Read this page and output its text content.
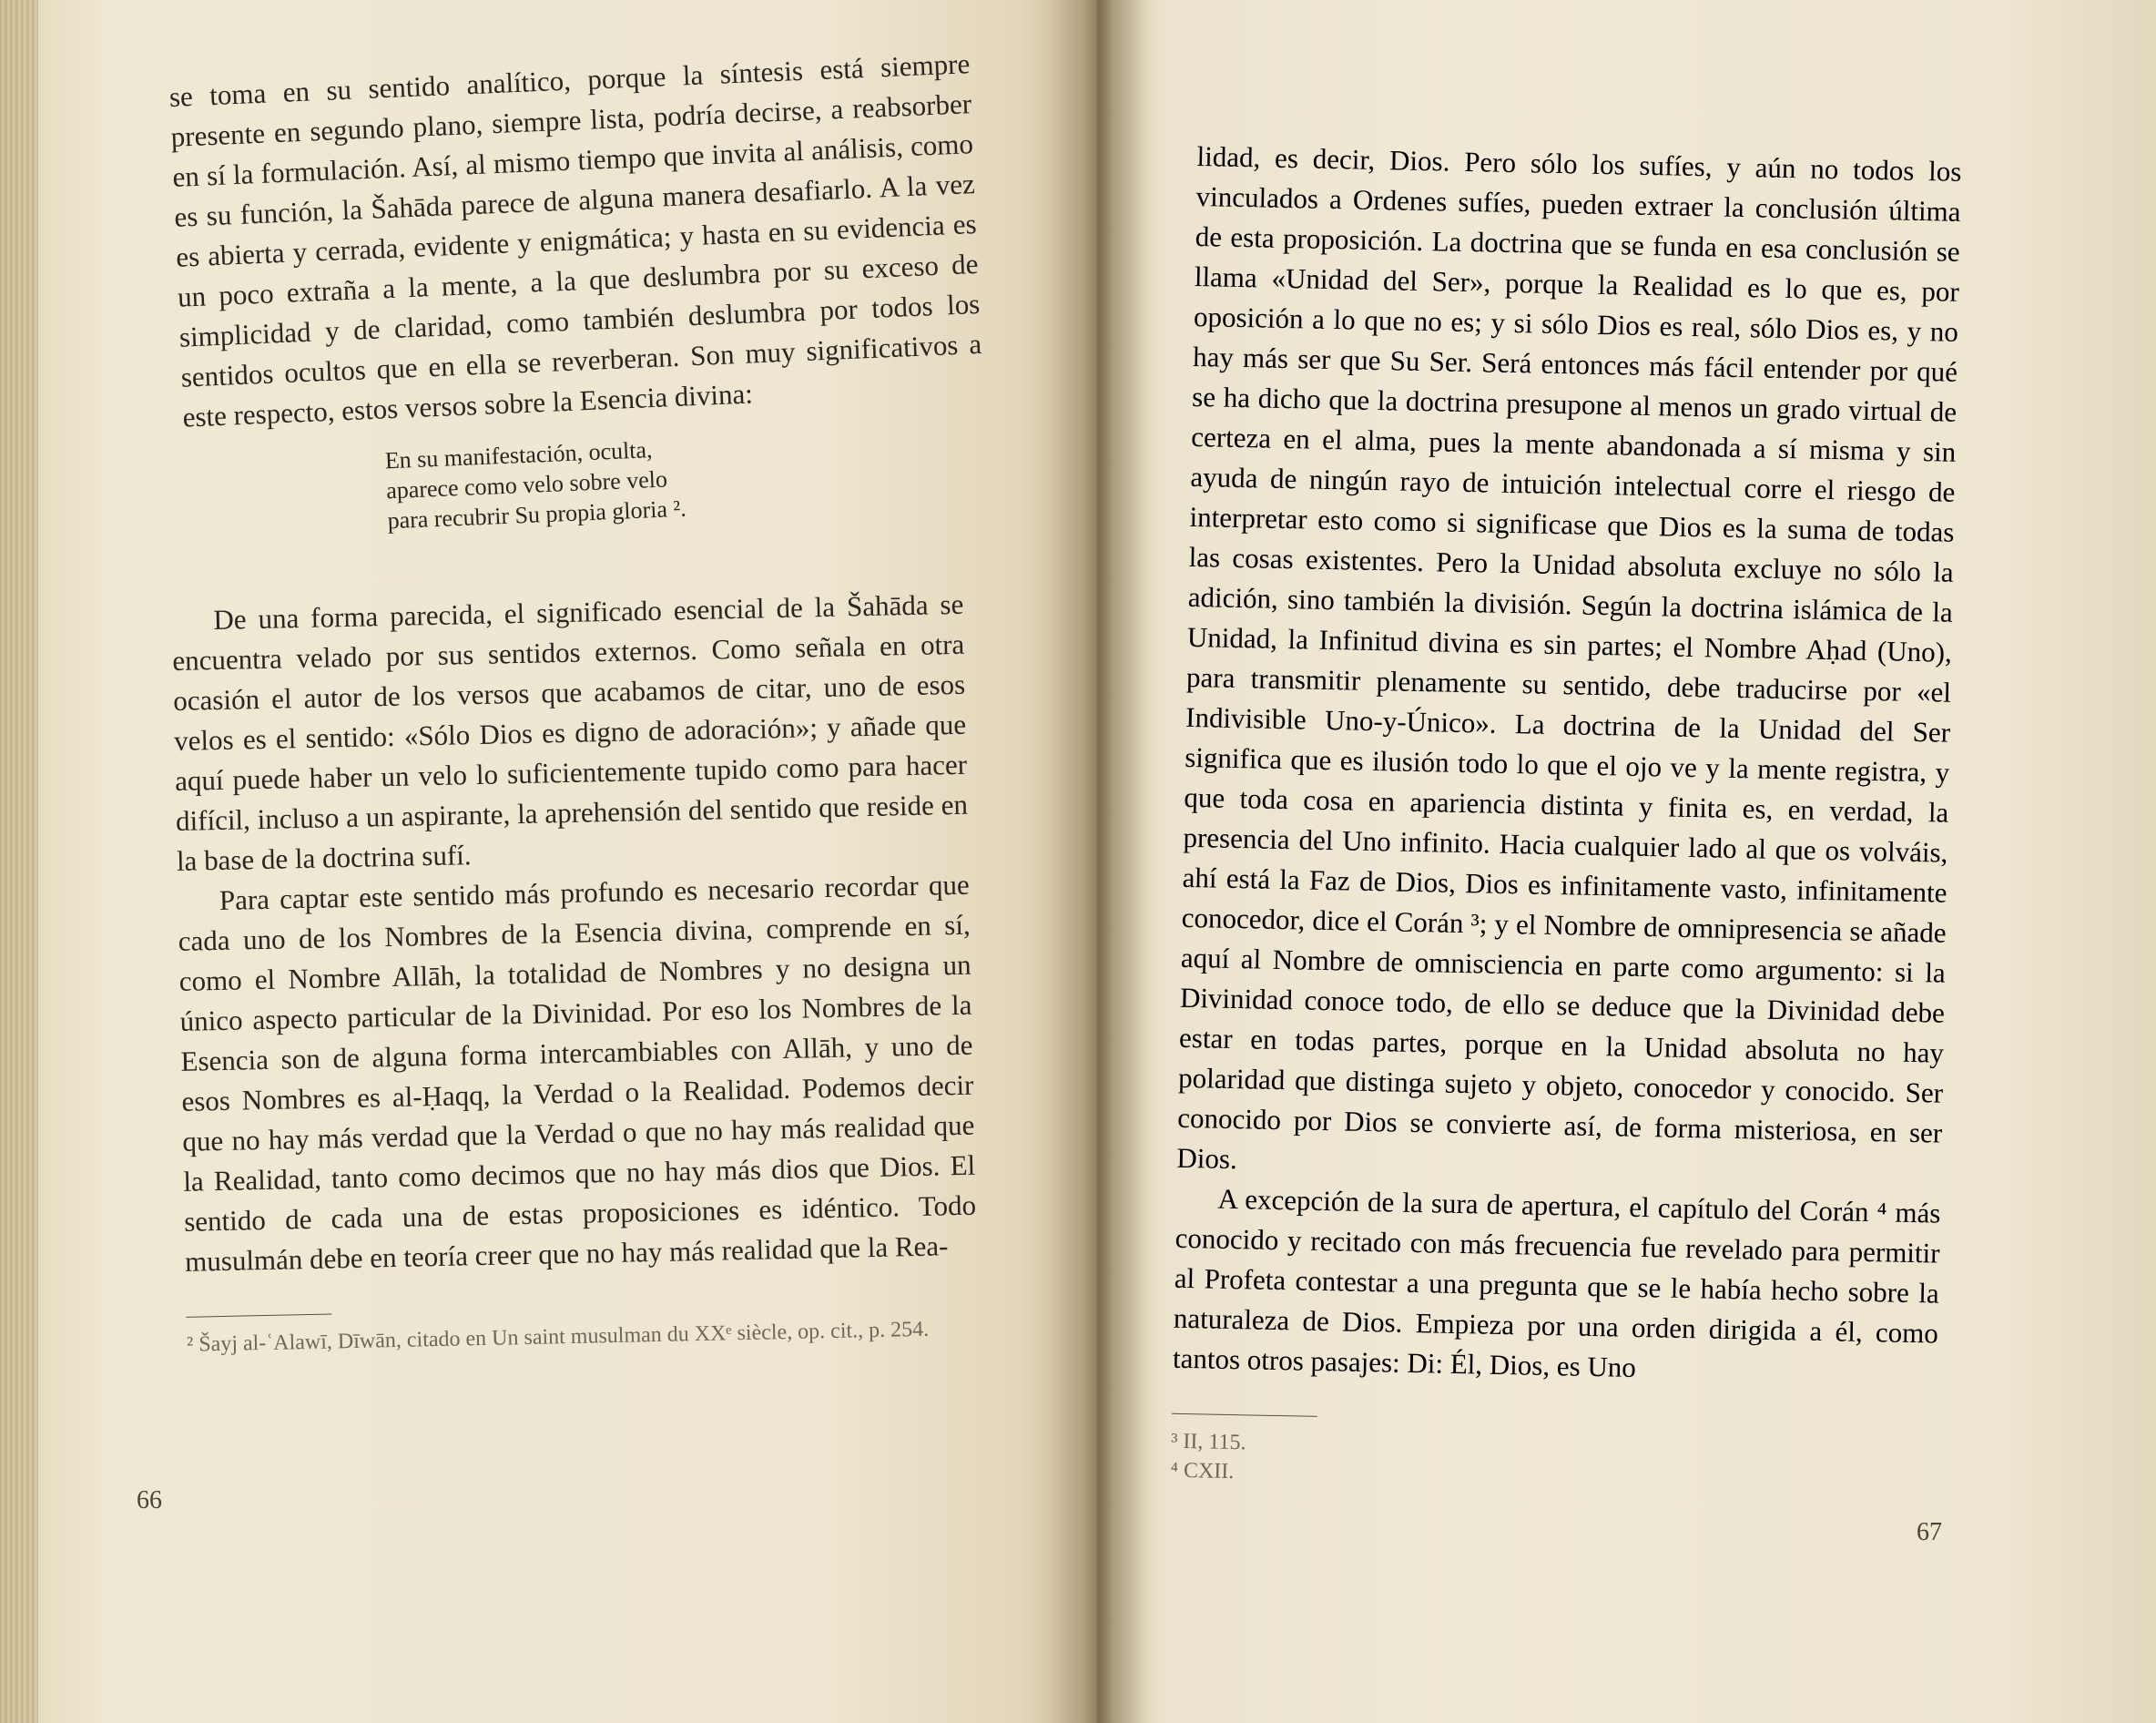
se toma en su sentido analítico, porque la síntesis está siempre presente en segundo plano, siempre lista, podría decirse, a reabsorber en sí la formulación. Así, al mismo tiempo que invita al análisis, como es su función, la Šahāda parece de alguna manera desafiarlo. A la vez es abierta y cerrada, evidente y enigmática; y hasta en su evidencia es un poco extraña a la mente, a la que deslumbra por su exceso de simplicidad y de claridad, como también deslumbra por todos los sentidos ocultos que en ella se reverberan. Son muy significativos a este respecto, estos versos sobre la Esencia divina:

En su manifestación, oculta,
aparece como velo sobre velo
para recubrir Su propia gloria ².

De una forma parecida, el significado esencial de la Šahāda se encuentra velado por sus sentidos externos. Como señala en otra ocasión el autor de los versos que acabamos de citar, uno de esos velos es el sentido: «Sólo Dios es digno de adoración»; y añade que aquí puede haber un velo lo suficientemente tupido como para hacer difícil, incluso a un aspirante, la aprehensión del sentido que reside en la base de la doctrina sufí.

Para captar este sentido más profundo es necesario recordar que cada uno de los Nombres de la Esencia divina, comprende en sí, como el Nombre Allāh, la totalidad de Nombres y no designa un único aspecto particular de la Divinidad. Por eso los Nombres de la Esencia son de alguna forma intercambiables con Allāh, y uno de esos Nombres es al-Ḥaqq, la Verdad o la Realidad. Podemos decir que no hay más verdad que la Verdad o que no hay más realidad que la Realidad, tanto como decimos que no hay más dios que Dios. El sentido de cada una de estas proposiciones es idéntico. Todo musulmán debe en teoría creer que no hay más realidad que la Rea-

² Šayj al-ʿAlawī, Dīwān, citado en Un saint musulman du XXᵉ siècle, op. cit., p. 254.
66

lidad, es decir, Dios. Pero sólo los sufíes, y aún no todos los vinculados a Ordenes sufíes, pueden extraer la conclusión última de esta proposición. La doctrina que se funda en esa conclusión se llama «Unidad del Ser», porque la Realidad es lo que es, por oposición a lo que no es; y si sólo Dios es real, sólo Dios es, y no hay más ser que Su Ser. Será entonces más fácil entender por qué se ha dicho que la doctrina presupone al menos un grado virtual de certeza en el alma, pues la mente abandonada a sí misma y sin ayuda de ningún rayo de intuición intelectual corre el riesgo de interpretar esto como si significase que Dios es la suma de todas las cosas existentes. Pero la Unidad absoluta excluye no sólo la adición, sino también la división. Según la doctrina islámica de la Unidad, la Infinitud divina es sin partes; el Nombre Aḥad (Uno), para transmitir plenamente su sentido, debe traducirse por «el Indivisible Uno-y-Único». La doctrina de la Unidad del Ser significa que es ilusión todo lo que el ojo ve y la mente registra, y que toda cosa en apariencia distinta y finita es, en verdad, la presencia del Uno infinito. Hacia cualquier lado al que os volváis, ahí está la Faz de Dios, Dios es infinitamente vasto, infinitamente conocedor, dice el Corán ³; y el Nombre de omnipresencia se añade aquí al Nombre de omnisciencia en parte como argumento: si la Divinidad conoce todo, de ello se deduce que la Divinidad debe estar en todas partes, porque en la Unidad absoluta no hay polaridad que distinga sujeto y objeto, conocedor y conocido. Ser conocido por Dios se convierte así, de forma misteriosa, en ser Dios.

A excepción de la sura de apertura, el capítulo del Corán ⁴ más conocido y recitado con más frecuencia fue revelado para permitir al Profeta contestar a una pregunta que se le había hecho sobre la naturaleza de Dios. Empieza por una orden dirigida a él, como tantos otros pasajes: Di: Él, Dios, es Uno

³ II, 115.
⁴ CXII.
67
